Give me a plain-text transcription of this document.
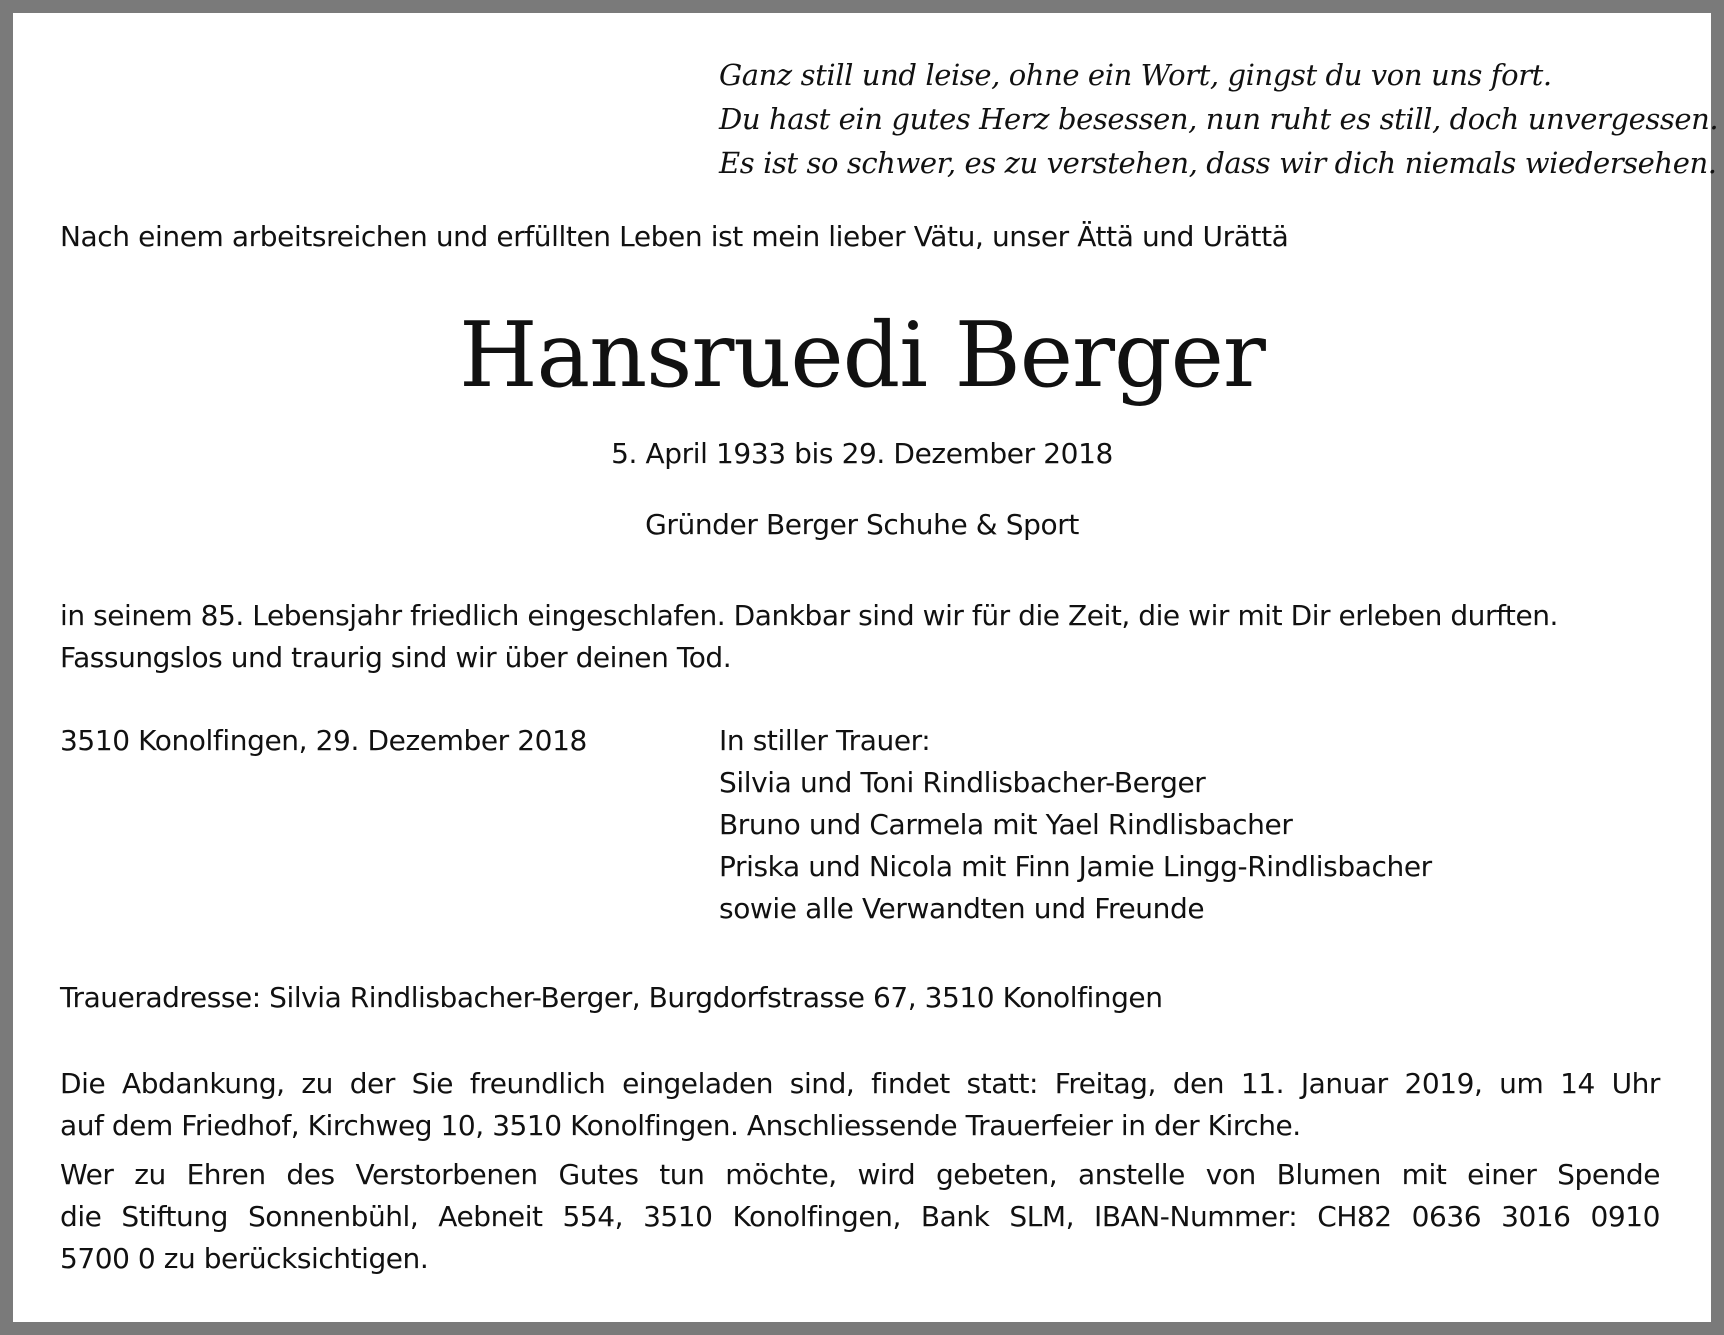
Ganz still und leise, ohne ein Wort, gingst du von uns fort.
Du hast ein gutes Herz besessen, nun ruht es still, doch unvergessen.
Es ist so schwer, es zu verstehen, dass wir dich niemals wiedersehen.
Nach einem arbeitsreichen und erfüllten Leben ist mein lieber Vätu, unser Ättä und Urättä
Hansruedi Berger
5. April 1933 bis 29. Dezember 2018
Gründer Berger Schuhe & Sport
in seinem 85. Lebensjahr friedlich eingeschlafen. Dankbar sind wir für die Zeit, die wir mit Dir erleben durften.
Fassungslos und traurig sind wir über deinen Tod.
3510 Konolfingen, 29. Dezember 2018	In stiller Trauer:
Silvia und Toni Rindlisbacher-Berger
Bruno und Carmela mit Yael Rindlisbacher
Priska und Nicola mit Finn Jamie Lingg-Rindlisbacher
sowie alle Verwandten und Freunde
Traueradresse: Silvia Rindlisbacher-Berger, Burgdorfstrasse 67, 3510 Konolfingen
Die Abdankung, zu der Sie freundlich eingeladen sind, findet statt: Freitag, den 11. Januar 2019, um 14 Uhr
auf dem Friedhof, Kirchweg 10, 3510 Konolfingen. Anschliessende Trauerfeier in der Kirche.
Wer zu Ehren des Verstorbenen Gutes tun möchte, wird gebeten, anstelle von Blumen mit einer Spende
die Stiftung Sonnenbühl, Aebneit 554, 3510 Konolfingen, Bank SLM, IBAN-Nummer: CH82 0636 3016 0910
5700 0 zu berücksichtigen.
